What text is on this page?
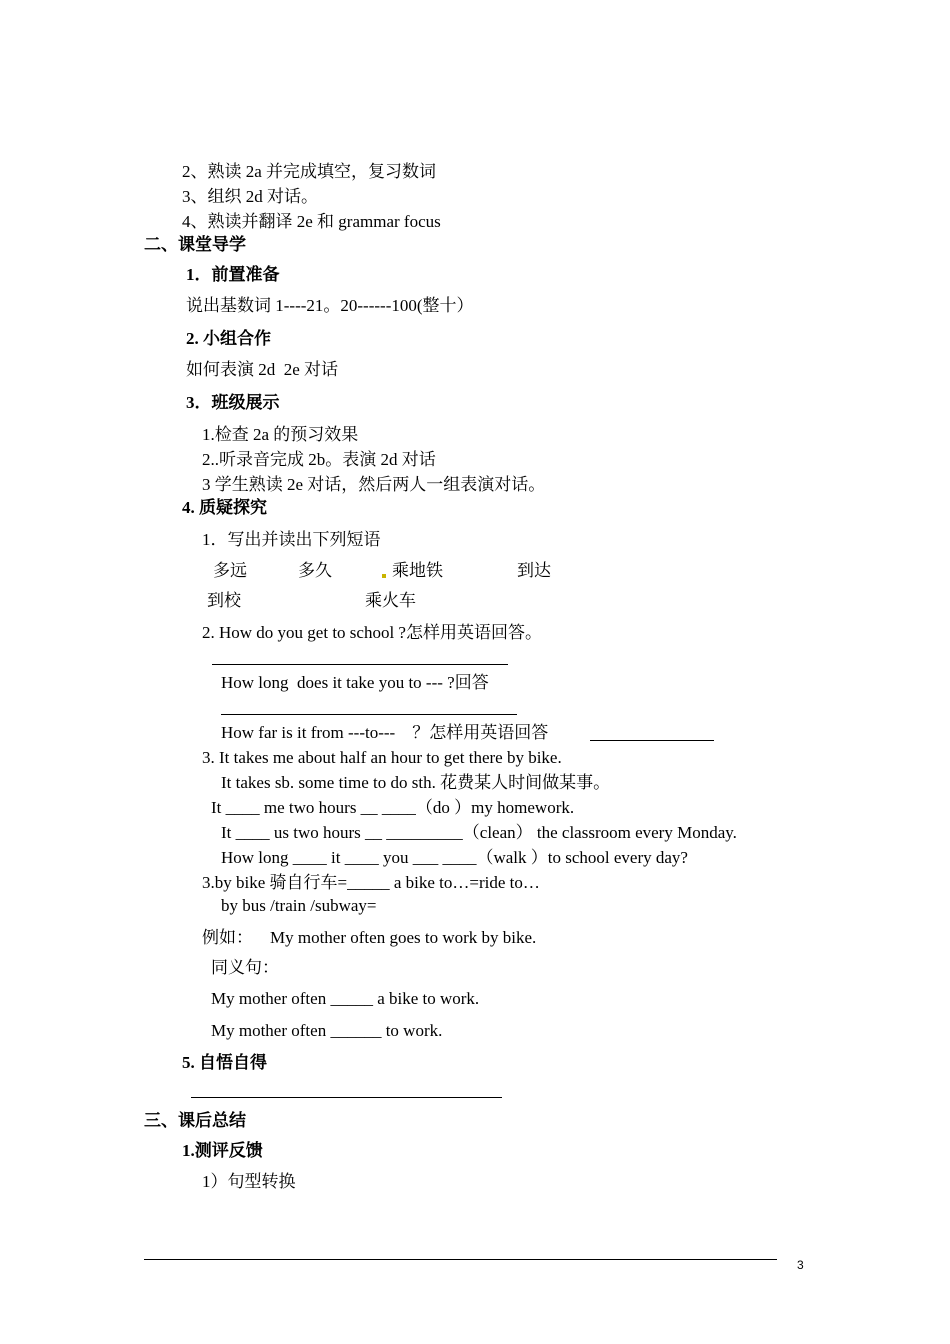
2、熟读 2a 并完成填空，复习数词
3、组织 2d 对话。
4、熟读并翻译 2e 和 grammar focus
二、课堂导学
1．前置准备
说出基数词 1----21。20------100(整十）
2. 小组合作
如何表演 2d  2e 对话
3．班级展示
1.检查 2a 的预习效果
2..听录音完成 2b。表演 2d 对话
3 学生熟读 2e 对话，然后两人一组表演对话。
4. 质疑探究
1．写出并读出下列短语
多远	多久	乘地铁	到达
到校	乘火车
2. How do you get to school ?怎样用英语回答。
How long  does it take you to --- ?回答
How far is it from ---to---    ？怎样用英语回答
3. It takes me about half an hour to get there by bike.
It takes sb. some time to do sth. 花费某人时间做某事。
It ____ me two hours __ ____（do ）my homework.
It ____ us two hours __ _________（clean） the classroom every Monday.
How long ____ it ____ you ___ ____（walk ）to school every day?
3.by bike 骑自行车=_____ a bike to…=ride to…
by bus /train /subway=
例如：    My mother often goes to work by bike.
同义句：
My mother often _____ a bike to work.
My mother often ______ to work.
5. 自悟自得
三、课后总结
1.测评反馈
1）句型转换
3
